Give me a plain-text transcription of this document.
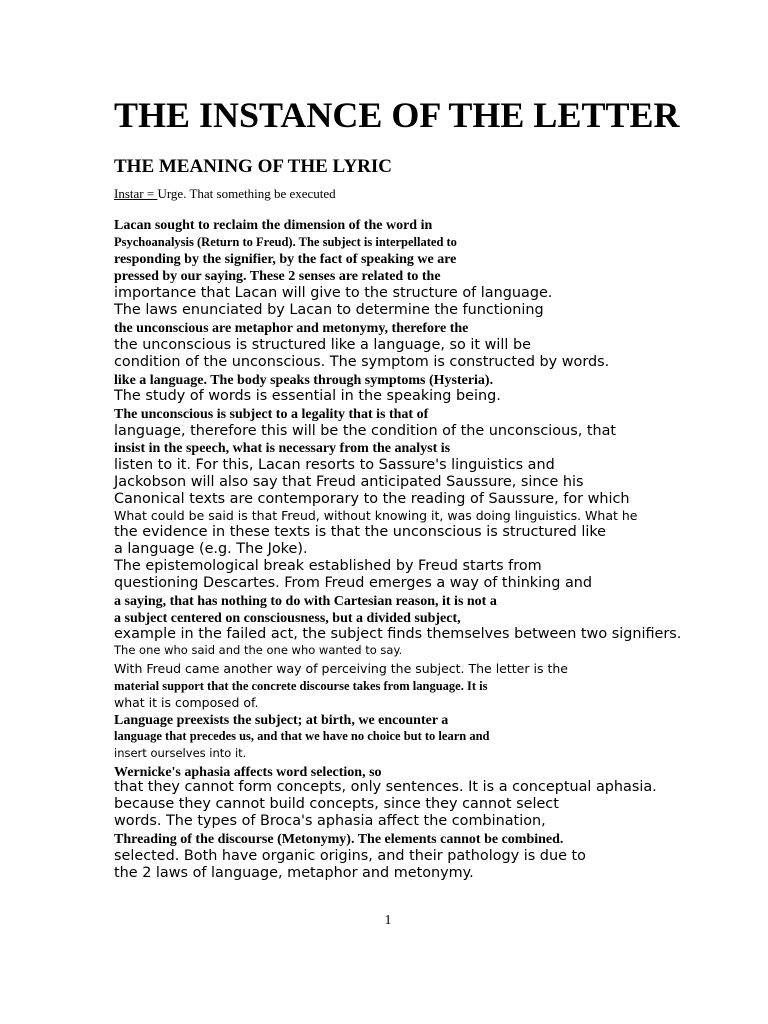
THE INSTANCE OF THE LETTER
THE MEANING OF THE LYRIC

Instar = Urge. That something be executed

Lacan sought to reclaim the dimension of the word in

Psychoanalysis (Return to Freud). The subject is interpellated to

responding by the signifier, by the fact of speaking we are

pressed by our saying. These 2 senses are related to the

importance that Lacan will give to the structure of language.

The laws enunciated by Lacan to determine the functioning

the unconscious are metaphor and metonymy, therefore the

the unconscious is structured like a language, so it will be

condition of the unconscious. The symptom is constructed by words.

like a language. The body speaks through symptoms (Hysteria).

The study of words is essential in the speaking being.

The unconscious is subject to a legality that is that of

language, therefore this will be the condition of the unconscious, that

insist in the speech, what is necessary from the analyst is

listen to it. For this, Lacan resorts to Sassure's linguistics and

Jackobson will also say that Freud anticipated Saussure, since his

Canonical texts are contemporary to the reading of Saussure, for which

What could be said is that Freud, without knowing it, was doing linguistics. What he

the evidence in these texts is that the unconscious is structured like

a language (e.g. The Joke).

The epistemological break established by Freud starts from

questioning Descartes. From Freud emerges a way of thinking and

a saying, that has nothing to do with Cartesian reason, it is not a

a subject centered on consciousness, but a divided subject,

example in the failed act, the subject finds themselves between two signifiers.

The one who said and the one who wanted to say.

With Freud came another way of perceiving the subject. The letter is the

material support that the concrete discourse takes from language. It is

what it is composed of.

Language preexists the subject; at birth, we encounter a

language that precedes us, and that we have no choice but to learn and

insert ourselves into it.

Wernicke's aphasia affects word selection, so

that they cannot form concepts, only sentences. It is a conceptual aphasia.

because they cannot build concepts, since they cannot select

words. The types of Broca's aphasia affect the combination,

Threading of the discourse (Metonymy). The elements cannot be combined.

selected. Both have organic origins, and their pathology is due to

the 2 laws of language, metaphor and metonymy.

1
